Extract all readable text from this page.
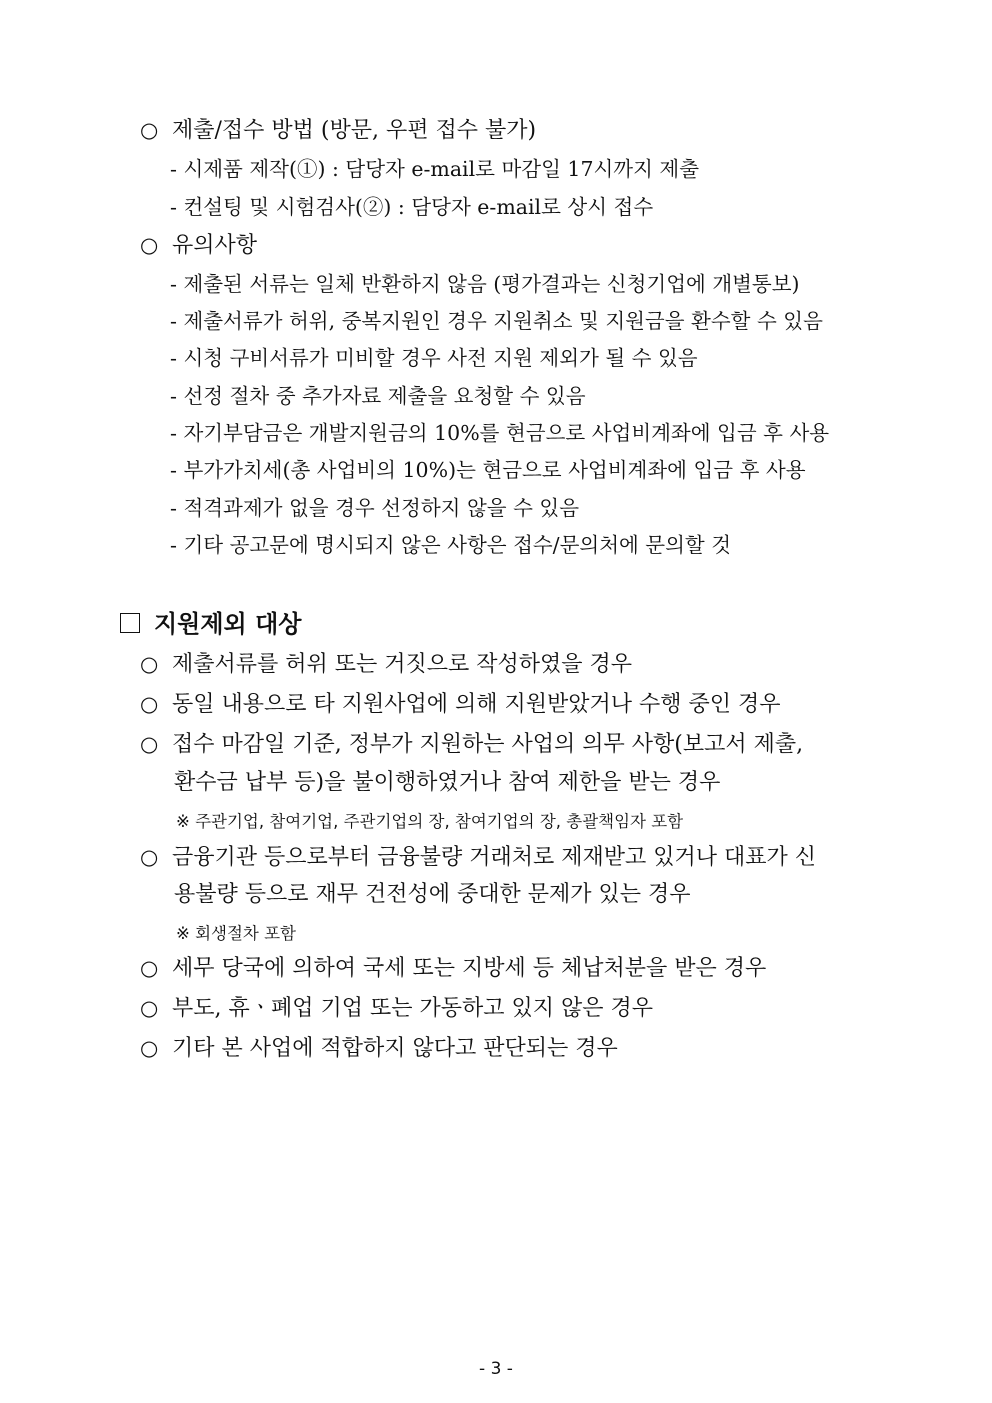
○ 제출/접수 방법 (방문, 우편 접수 불가)
- 시제품 제작(①) : 담당자 e-mail로 마감일 17시까지 제출
- 컨설팅 및 시험검사(②) : 담당자 e-mail로 상시 접수
○ 유의사항
- 제출된 서류는 일체 반환하지 않음 (평가결과는 신청기업에 개별통보)
- 제출서류가 허위, 중복지원인 경우 지원취소 및 지원금을 환수할 수 있음
- 시청 구비서류가 미비할 경우 사전 지원 제외가 될 수 있음
- 선정 절차 중 추가자료 제출을 요청할 수 있음
- 자기부담금은 개발지원금의 10%를 현금으로 사업비계좌에 입금 후 사용
- 부가가치세(총 사업비의 10%)는 현금으로 사업비계좌에 입금 후 사용
- 적격과제가 없을 경우 선정하지 않을 수 있음
- 기타 공고문에 명시되지 않은 사항은 접수/문의처에 문의할 것
지원제외 대상
○ 제출서류를 허위 또는 거짓으로 작성하였을 경우
○ 동일 내용으로 타 지원사업에 의해 지원받았거나 수행 중인 경우
○ 접수 마감일 기준, 정부가 지원하는 사업의 의무 사항(보고서 제출,
환수금 납부 등)을 불이행하였거나 참여 제한을 받는 경우
※ 주관기업, 참여기업, 주관기업의 장, 참여기업의 장, 총괄책임자 포함
○ 금융기관 등으로부터 금융불량 거래처로 제재받고 있거나 대표가 신
용불량 등으로 재무 건전성에 중대한 문제가 있는 경우
※ 회생절차 포함
○ 세무 당국에 의하여 국세 또는 지방세 등 체납처분을 받은 경우
○ 부도, 휴ㆍ폐업 기업 또는 가동하고 있지 않은 경우
○ 기타 본 사업에 적합하지 않다고 판단되는 경우
- 3 -
